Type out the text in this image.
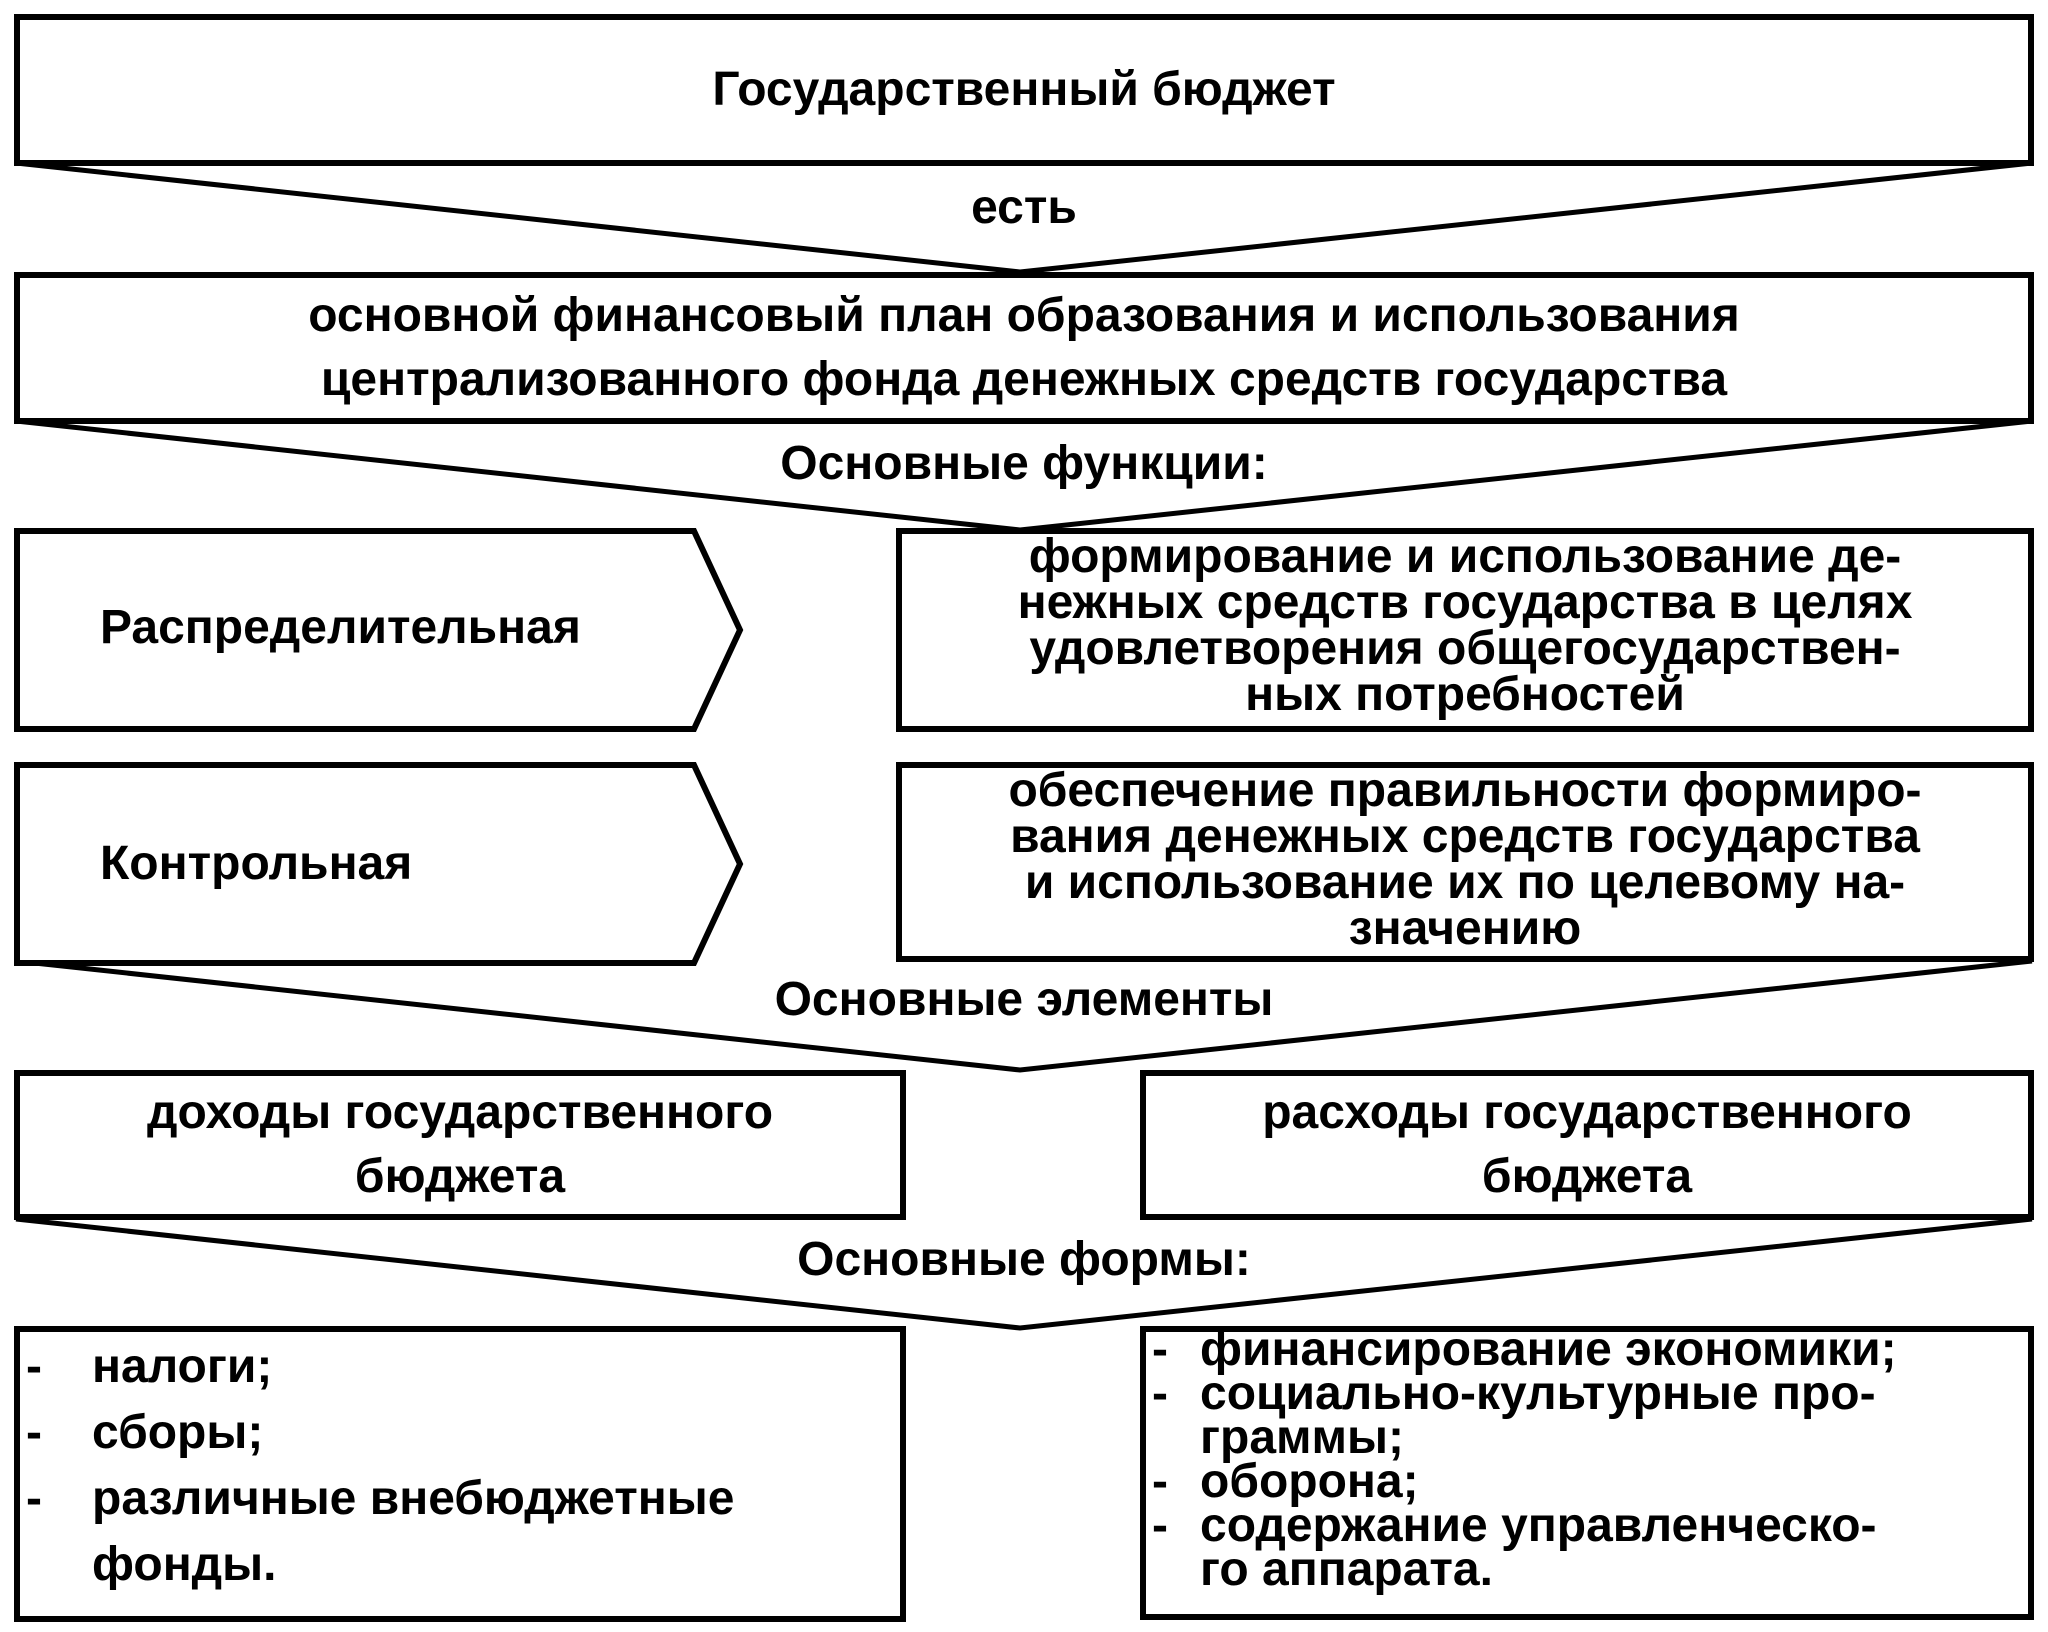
Государственный бюджет
есть
основной финансовый план образования и использования
централизованного фонда денежных средств государства
Основные функции:
Распределительная
формирование и использование де-
нежных средств государства в целях
удовлетворения общегосударствен-
ных потребностей
Контрольная
обеспечение правильности формиро-
вания денежных средств государства
и использование их по целевому на-
значению
Основные элементы
доходы государственного
бюджета
расходы государственного
бюджета
Основные формы:
- налоги;
- сборы;
- различные внебюджетные
фонды.
- финансирование экономики;
- социально-культурные про-
граммы;
- оборона;
- содержание управленческо-
го аппарата.
